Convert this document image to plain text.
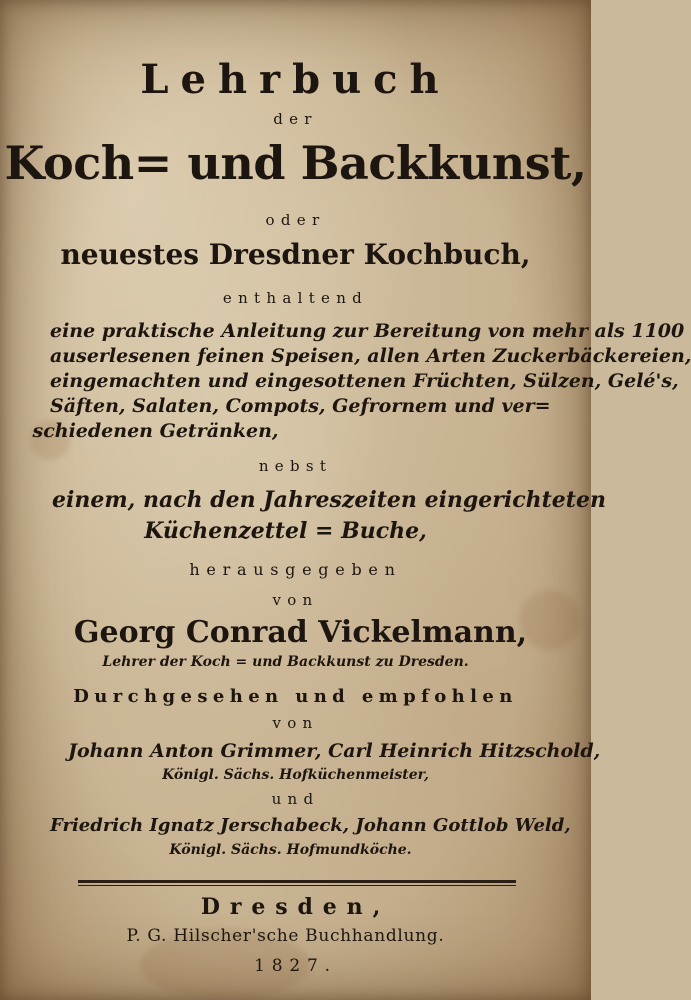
Lehrbuch
der
Koch= und Backkunst,
oder
neuestes Dresdner Kochbuch,
enthaltend
eine praktische Anleitung zur Bereitung von mehr als 1100
auserlesenen feinen Speisen, allen Arten Zuckerbäckereien,
eingemachten und eingesottenen Früchten, Sülzen, Gelé's,
Säften, Salaten, Compots, Gefrornem und ver=
schiedenen Getränken,
nebst
einem, nach den Jahreszeiten eingerichteten
Küchenzettel = Buche,
herausgegeben
von
Georg Conrad Vickelmann,
Lehrer der Koch = und Backkunst zu Dresden.
Durchgesehen und empfohlen
von
Johann Anton Grimmer, Carl Heinrich Hitzschold,
Königl. Sächs. Hofküchenmeister,
und
Friedrich Ignatz Jerschabeck, Johann Gottlob Weld,
Königl. Sächs. Hofmundköche.
Dresden,
P. G. Hilscher'sche Buchhandlung.
1827.
